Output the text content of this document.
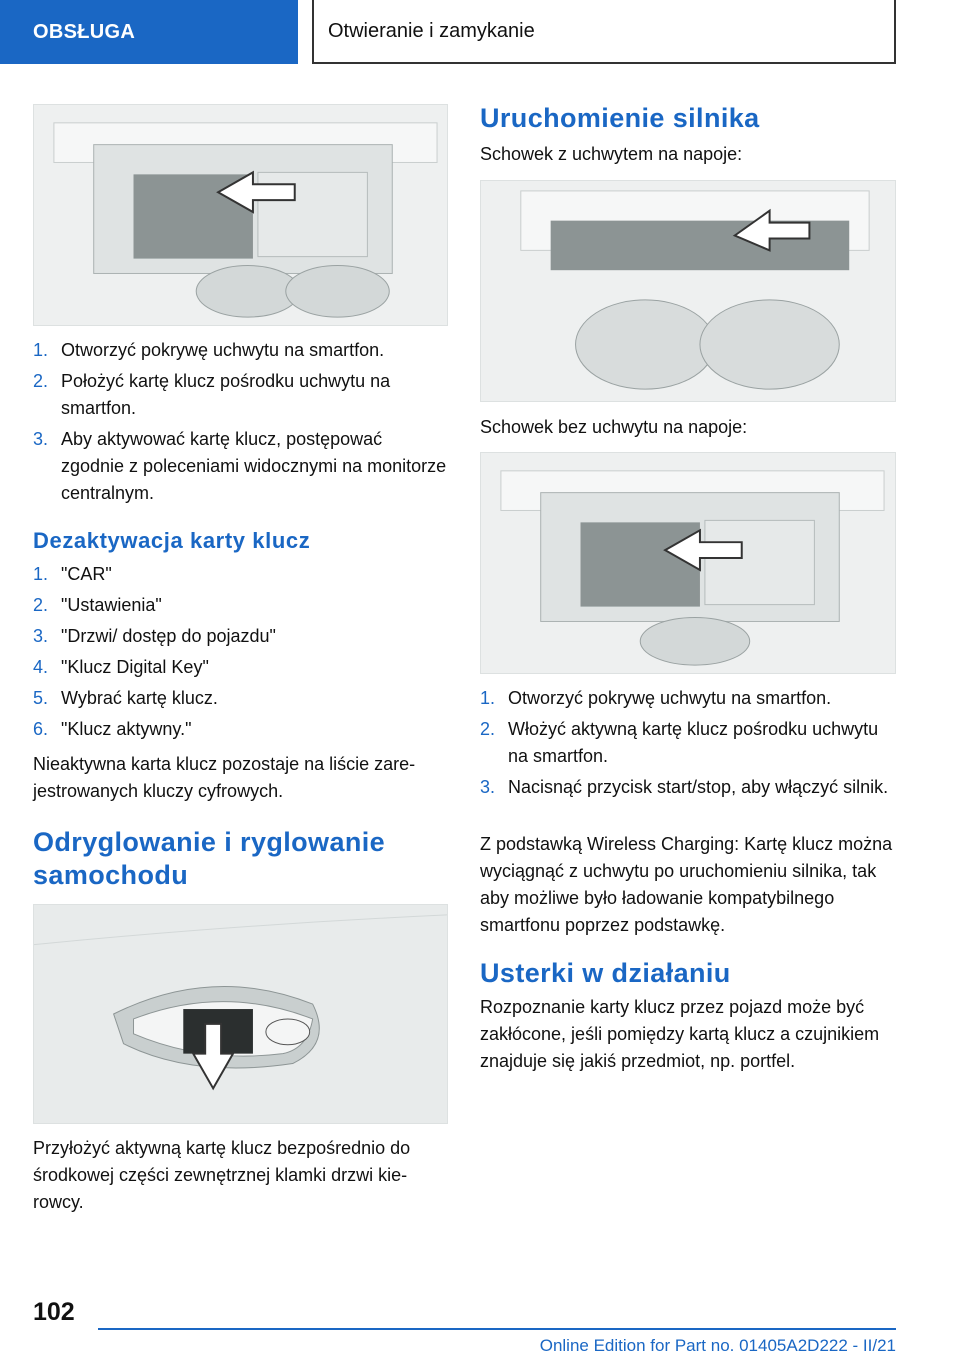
OBSŁUGA	Otwieranie i zamykanie
1. Otworzyć pokrywę uchwytu na smartfon.
2. Położyć kartę klucz pośrodku uchwytu na smartfon.
3. Aby aktywować kartę klucz, postępować zgodnie z poleceniami widocznymi na monitorze centralnym.
Dezaktywacja karty klucz
1. "CAR"
2. "Ustawienia"
3. "Drzwi/ dostęp do pojazdu"
4. "Klucz Digital Key"
5. Wybrać kartę klucz.
6. "Klucz aktywny."

Nieaktywna karta klucz pozostaje na liście zarejestrowanych kluczy cyfrowych.

Odryglowanie i ryglowanie samochodu

Przyłożyć aktywną kartę klucz bezpośrednio do środkowej części zewnętrznej klamki drzwi kierowcy.

Uruchomienie silnika

Schowek z uchwytem na napoje:

Schowek bez uchwytu na napoje:

1. Otworzyć pokrywę uchwytu na smartfon.
2. Włożyć aktywną kartę klucz pośrodku uchwytu na smartfon.
3. Nacisnąć przycisk start/stop, aby włączyć silnik.

Z podstawką Wireless Charging: Kartę klucz można wyciągnąć z uchwytu po uruchomieniu silnika, tak aby możliwe było ładowanie kompatybilnego smartfonu poprzez podstawkę.

Usterki w działaniu

Rozpoznanie karty klucz przez pojazd może być zakłócone, jeśli pomiędzy kartą klucz a czujnikiem znajduje się jakiś przedmiot, np. portfel.

102
Online Edition for Part no. 01405A2D222 - II/21
